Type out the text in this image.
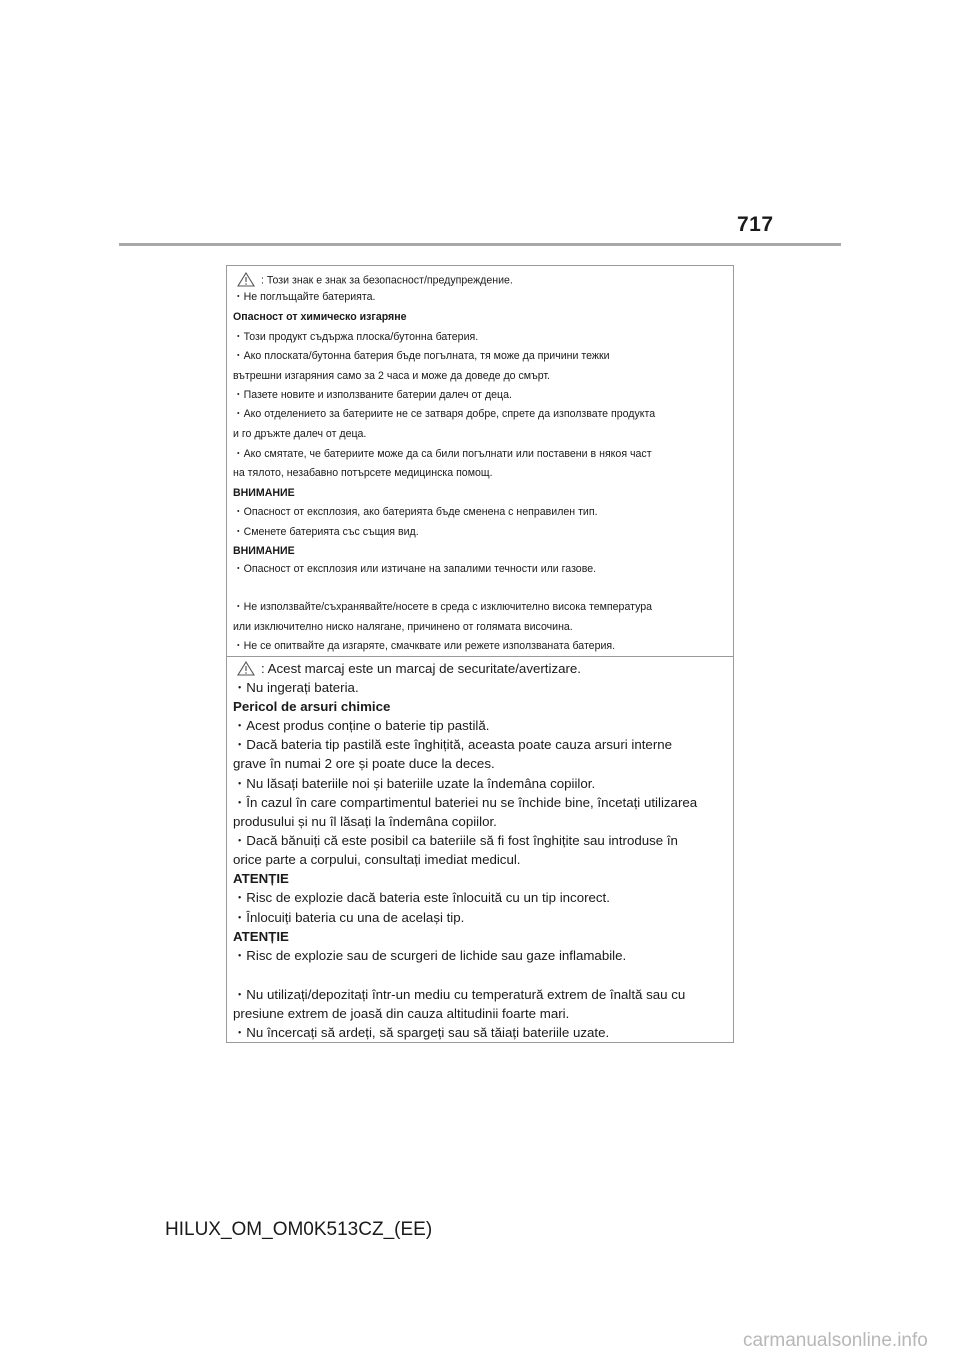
717
: Този знак е знак за безопасност/предупреждение.
・Не поглъщайте батерията.
Опасност от химическо изгаряне
・Този продукт съдържа плоска/бутонна батерия.
・Ако плоската/бутонна батерия бъде погълната, тя може да причини тежки
вътрешни изгаряния само за 2 часа и може да доведе до смърт.
・Пазете новите и използваните батерии далеч от деца.
・Ако отделението за батериите не се затваря добре, спрете да използвате продукта
и го дръжте далеч от деца.
・Ако смятате, че батериите може да са били погълнати или поставени в някоя част
на тялото, незабавно потърсете медицинска помощ.
ВНИМАНИЕ
・Опасност от експлозия, ако батерията бъде сменена с неправилен тип.
・Сменете батерията със същия вид.
ВНИМАНИЕ
・Опасност от експлозия или изтичане на запалими течности или газове.
・Не използвайте/съхранявайте/носете в среда с изключително висока температура
или изключително ниско налягане, причинено от голямата височина.
・Не се опитвайте да изгаряте, смачквате или режете използваната батерия.
: Acest marcaj este un marcaj de securitate/avertizare.
・Nu ingerați bateria.
Pericol de arsuri chimice
・Acest produs conține o baterie tip pastilă.
・Dacă bateria tip pastilă este înghițită, aceasta poate cauza arsuri interne
grave în numai 2 ore și poate duce la deces.
・Nu lăsați bateriile noi și bateriile uzate la îndemâna copiilor.
・În cazul în care compartimentul bateriei nu se închide bine, încetați utilizarea
produsului și nu îl lăsați la îndemâna copiilor.
・Dacă bănuiți că este posibil ca bateriile să fi fost înghițite sau introduse în
orice parte a corpului, consultați imediat medicul.
ATENȚIE
・Risc de explozie dacă bateria este înlocuită cu un tip incorect.
・Înlocuiți bateria cu una de același tip.
ATENȚIE
・Risc de explozie sau de scurgeri de lichide sau gaze inflamabile.
・Nu utilizați/depozitați într-un mediu cu temperatură extrem de înaltă sau cu
presiune extrem de joasă din cauza altitudinii foarte mari.
・Nu încercați să ardeți, să spargeți sau să tăiați bateriile uzate.
HILUX_OM_OM0K513CZ_(EE)
carmanualsonline.info
